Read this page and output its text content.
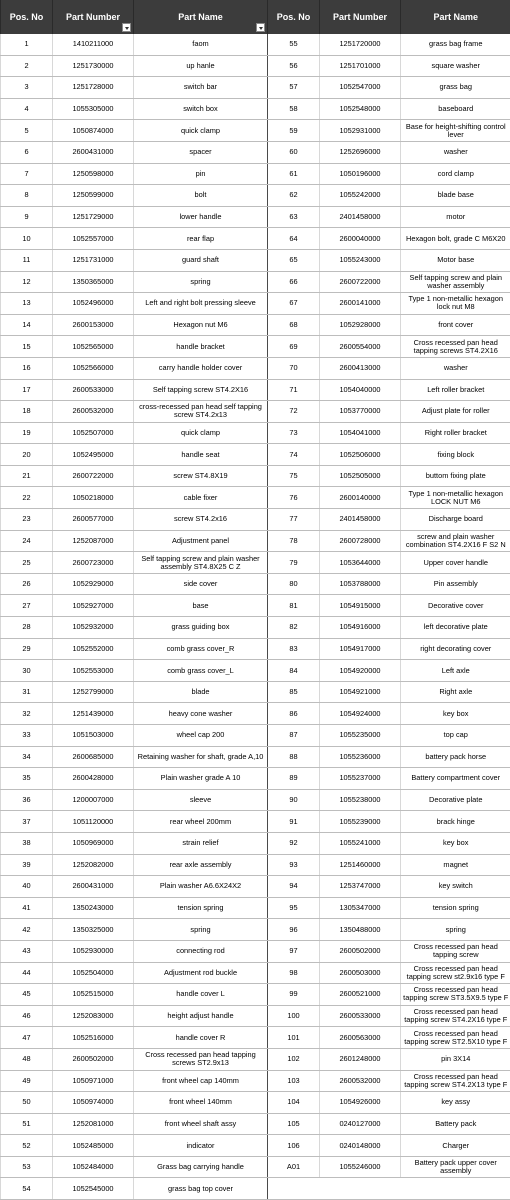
Pos. No	Part Number	Part Name	Pos. No	Part Number	Part Name
1	1410211000	faom	55	1251720000	grass bag frame
2	1251730000	up hanle	56	1251701000	square washer
3	1251728000	switch bar	57	1052547000	grass bag
4	1055305000	switch box	58	1052548000	baseboard
5	1050874000	quick clamp	59	1052931000	Base for height-shifting control lever
6	2600431000	spacer	60	1252696000	washer
7	1250598000	pin	61	1050196000	cord clamp
8	1250599000	bolt	62	1055242000	blade base
9	1251729000	lower handle	63	2401458000	motor
10	1052557000	rear flap	64	2600040000	Hexagon bolt, grade C M6X20
11	1251731000	guard shaft	65	1055243000	Motor base
12	1350365000	spring	66	2600722000	Self tapping screw and plain washer assembly
13	1052496000	Left and right bolt pressing sleeve	67	2600141000	Type 1 non-metallic hexagon lock nut M8
14	2600153000	Hexagon nut M6	68	1052928000	front cover
15	1052565000	handle bracket	69	2600554000	Cross recessed pan head tapping screws ST4.2X16
16	1052566000	carry handle holder cover	70	2600413000	washer
17	2600533000	Self tapping screw ST4.2X16	71	1054040000	Left roller bracket
18	2600532000	cross-recessed pan head self tapping screw ST4.2x13	72	1053770000	Adjust plate for roller
19	1052507000	quick clamp	73	1054041000	Right roller bracket
20	1052495000	handle seat	74	1052506000	fixing block
21	2600722000	screw ST4.8X19	75	1052505000	buttom fixing plate
22	1050218000	cable fixer	76	2600140000	Type 1 non-metallic hexagon LOCK NUT M6
23	2600577000	screw ST4.2x16	77	2401458000	Discharge board
24	1252087000	Adjustment panel	78	2600728000	screw and plain washer combination ST4.2X16 F S2 N
25	2600723000	Self tapping screw and plain washer assembly ST4.8X25 C Z	79	1053644000	Upper cover handle
26	1052929000	side cover	80	1053788000	Pin assembly
27	1052927000	base	81	1054915000	Decorative cover
28	1052932000	grass guiding box	82	1054916000	left decorative plate
29	1052552000	comb grass cover_R	83	1054917000	right decorating cover
30	1052553000	comb grass cover_L	84	1054920000	Left axle
31	1252799000	blade	85	1054921000	Right axle
32	1251439000	heavy cone washer	86	1054924000	key box
33	1051503000	wheel cap 200	87	1055235000	top cap
34	2600685000	Retaining washer for shaft, grade A,10	88	1055236000	battery pack horse
35	2600428000	Plain washer grade A 10	89	1055237000	Battery compartment cover
36	1200007000	sleeve	90	1055238000	Decorative plate
37	1051120000	rear wheel 200mm	91	1055239000	brack hinge
38	1050969000	strain relief	92	1055241000	key box
39	1252082000	rear axle assembly	93	1251460000	magnet
40	2600431000	Plain washer A6.6X24X2	94	1253747000	key switch
41	1350243000	tension spring	95	1305347000	tension spring
42	1350325000	spring	96	1350488000	spring
43	1052930000	connecting rod	97	2600502000	Cross recessed pan head tapping screw
44	1052504000	Adjustment rod buckle	98	2600503000	Cross recessed pan head tapping screw st2.9x16 type F
45	1052515000	handle cover L	99	2600521000	Cross recessed pan head tapping screw ST3.5X9.5 type F
46	1252083000	height adjust handle	100	2600533000	Cross recessed pan head tapping screw ST4.2X16 type F
47	1052516000	handle cover R	101	2600563000	Cross recessed pan head tapping screw ST2.5X10 type F
48	2600502000	Cross recessed pan head tapping screws ST2.9x13	102	2601248000	pin 3X14
49	1050971000	front wheel cap 140mm	103	2600532000	Cross recessed pan head tapping screw ST4.2X13 type F
50	1050974000	front wheel 140mm	104	1054926000	key assy
51	1252081000	front wheel shaft assy	105	0240127000	Battery pack
52	1052485000	indicator	106	0240148000	Charger
53	1052484000	Grass bag carrying handle	A01	1055246000	Battery pack upper cover assembly
54	1052545000	grass bag top cover			
